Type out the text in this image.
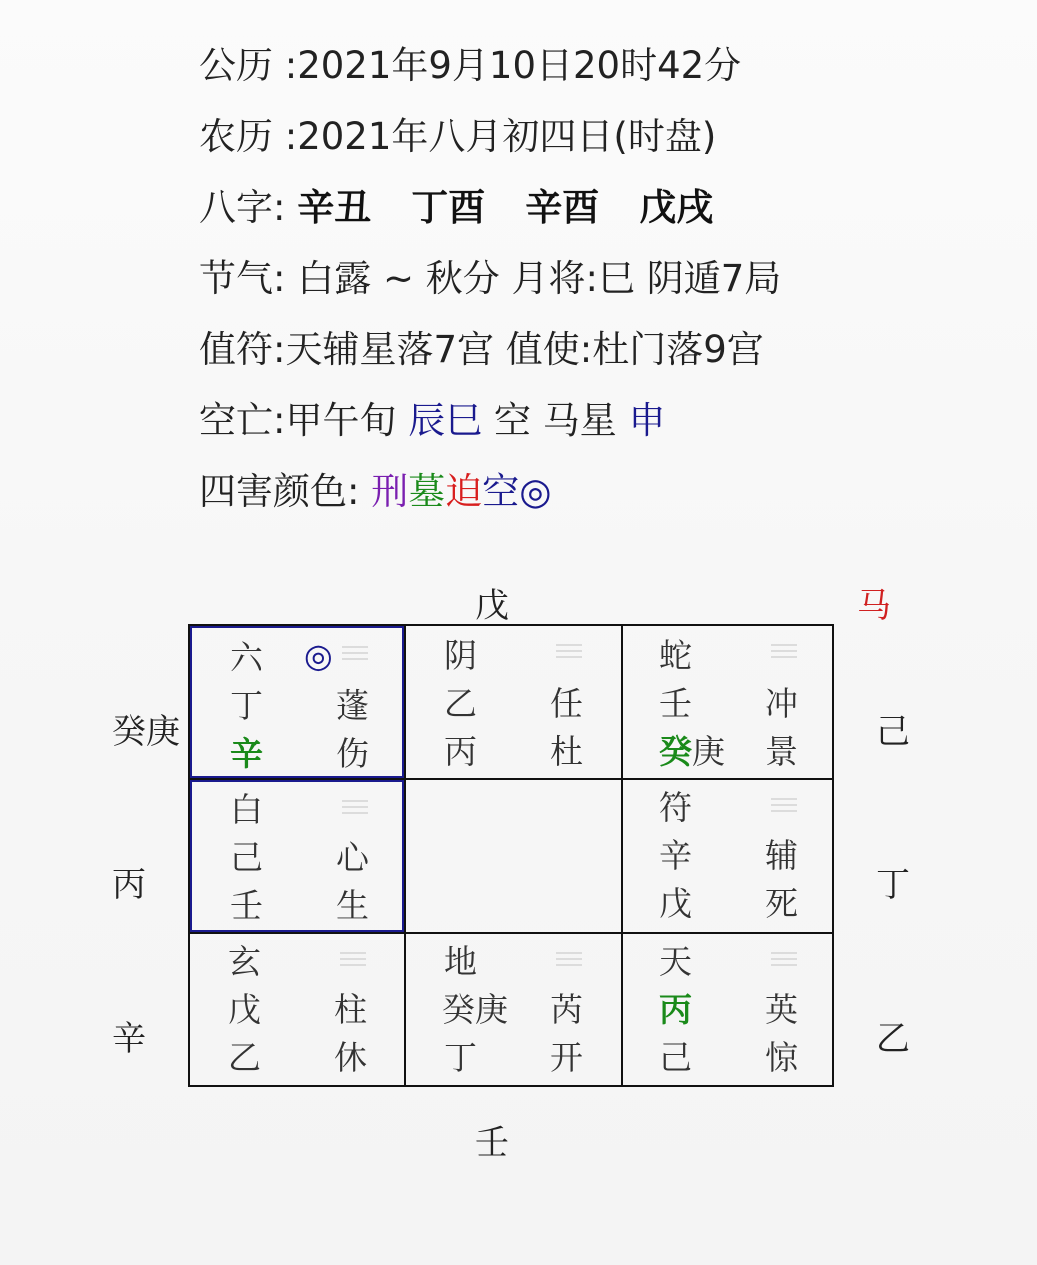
公历 :2021年9月10日20时42分
农历 :2021年八月初四日(时盘)
八字: 辛丑 丁酉 辛酉 戊戌
节气: 白露 ~ 秋分 月将:巳 阴遁7局
值符:天辅星落7宫 值使:杜门落9宫
空亡:甲午旬 辰巳 空 马星 申
四害颜色: 刑墓迫空◎
戊	马
癸庚
丙
辛
己
丁
乙
壬
六 ◎
丁 蓬
辛 伤
阴
乙 任
丙 杜
蛇
壬 冲
癸庚 景
白
己 心
壬 生
符
辛 辅
戊 死
玄
戊 柱
乙 休
地
癸庚 芮
丁 开
天
丙 英
己 惊
